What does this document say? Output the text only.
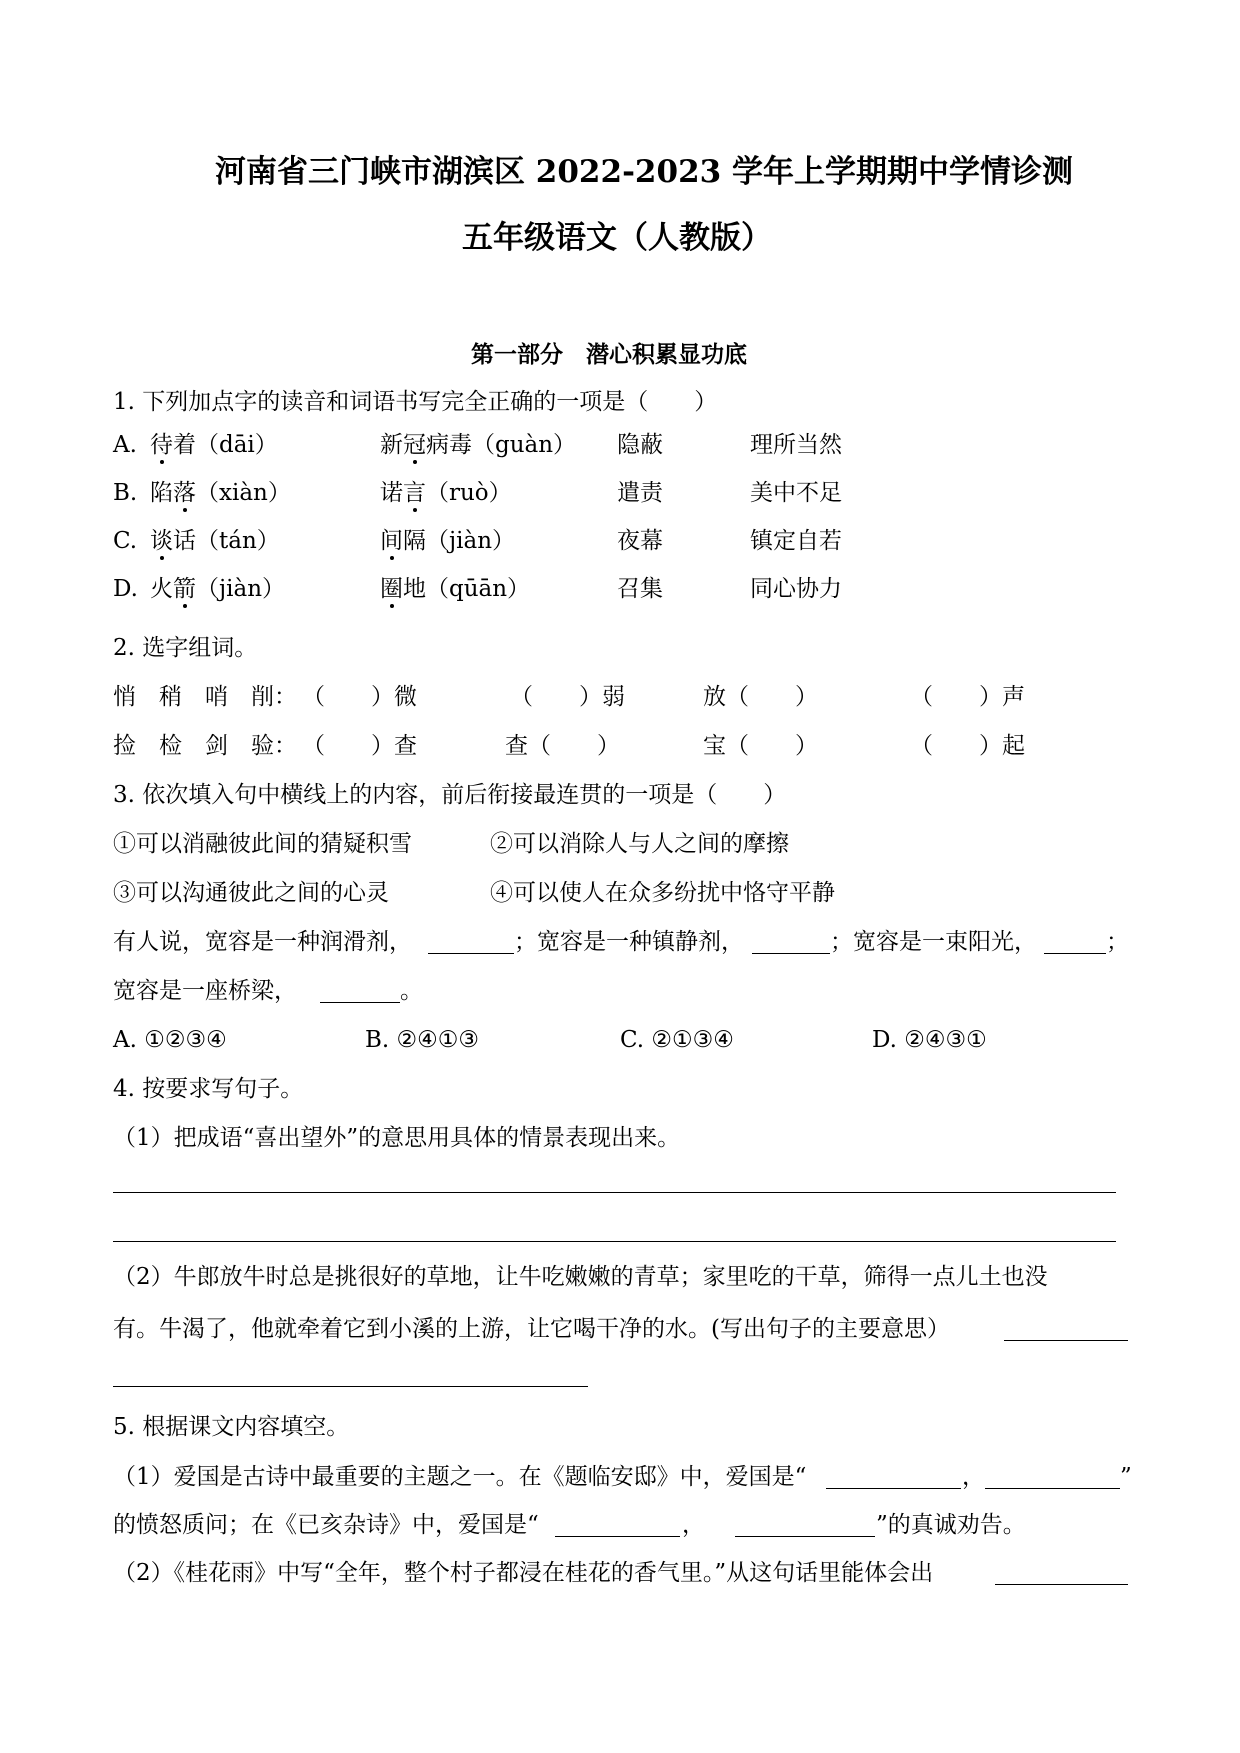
河南省三门峡市湖滨区 2022-2023 学年上学期期中学情诊测
五年级语文（人教版）
第一部分　潜心积累显功底
1. 下列加点字的读音和词语书写完全正确的一项是（　　）
A. 待着（dāi）	新冠病毒（guàn） 隐蔽	理所当然
B. 陷落（xiàn）	诺言（ruò）	遣责	美中不足
C. 谈话（tán）	间隔（jiàn）	夜幕	镇定自若
D. 火箭（jiàn）	圈地（qūān）	召集	同心协力
2. 选字组词。
悄　稍　哨　削： （　　）微	（　　）弱	放（　　）	（　　）声
捡　检　剑　验： （　　）查	查（　　）	宝（　　）	（　　）起
3. 依次填入句中横线上的内容，前后衔接最连贯的一项是（　　）
①可以消融彼此间的猜疑积雪	②可以消除人与人之间的摩擦
③可以沟通彼此之间的心灵	④可以使人在众多纷扰中恪守平静
有人说，宽容是一种润滑剂，	；宽容是一种镇静剂，	；宽容是一束阳光，	；
宽容是一座桥梁，	。
A. ①②③④	B. ②④①③	C. ②①③④	D. ②④③①
4. 按要求写句子。
（1）把成语“喜出望外”的意思用具体的情景表现出来。
（2）牛郎放牛时总是挑很好的草地，让牛吃嫩嫩的青草；家里吃的干草，筛得一点儿土也没
有。牛渴了，他就牵着它到小溪的上游，让它喝干净的水。(写出句子的主要意思）
5. 根据课文内容填空。
（1）爱国是古诗中最重要的主题之一。在《题临安邸》中，爱国是“	，	”
的愤怒质问；在《已亥杂诗》中，爱国是“	，	”的真诚劝告。
（2）《桂花雨》中写“全年，整个村子都浸在桂花的香气里。”从这句话里能体会出
